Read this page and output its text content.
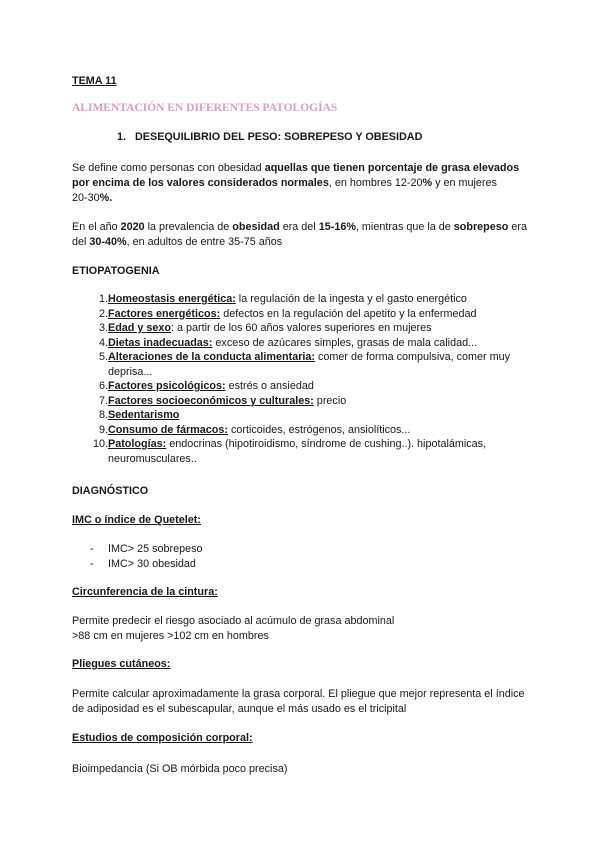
TEMA 11
ALIMENTACIÓN EN DIFERENTES PATOLOGÍAS
1. DESEQUILIBRIO DEL PESO: SOBREPESO Y OBESIDAD
Se define como personas con obesidad aquellas que tienen porcentaje de grasa elevados
por encima de los valores considerados normales, en hombres 12-20% y en mujeres
20-30%.
En el año 2020 la prevalencia de obesidad era del 15-16%, mientras que la de sobrepeso era
del 30-40%, en adultos de entre 35-75 años
ETIOPATOGENIA
1. Homeostasis energética: la regulación de la ingesta y el gasto energético
2. Factores energéticos: defectos en la regulación del apetito y la enfermedad
3. Edad y sexo: a partir de los 60 años valores superiores en mujeres
4. Dietas inadecuadas: exceso de azúcares simples, grasas de mala calidad...
5. Alteraciones de la conducta alimentaria: comer de forma compulsiva, comer muy
deprisa...
6. Factores psicológicos: estrés o ansiedad
7. Factores socioeconómicos y culturales: precio
8. Sedentarismo
9. Consumo de fármacos: corticoides, estrógenos, ansiolíticos...
10. Patologías: endocrinas (hipotiroidismo, síndrome de cushing..). hipotalámicas,
neuromusculares..
DIAGNÓSTICO
IMC o índice de Quetelet:
- IMC> 25 sobrepeso
- IMC> 30 obesidad
Circunferencia de la cintura:
Permite predecir el riesgo asociado al acúmulo de grasa abdominal
>88 cm en mujeres >102 cm en hombres
Pliegues cutáneos:
Permite calcular aproximadamente la grasa corporal. El pliegue que mejor representa el índice
de adiposidad es el subescapular, aunque el más usado es el tricipital
Estudios de composición corporal:
Bioimpedancia (Si OB mórbida poco precisa)
